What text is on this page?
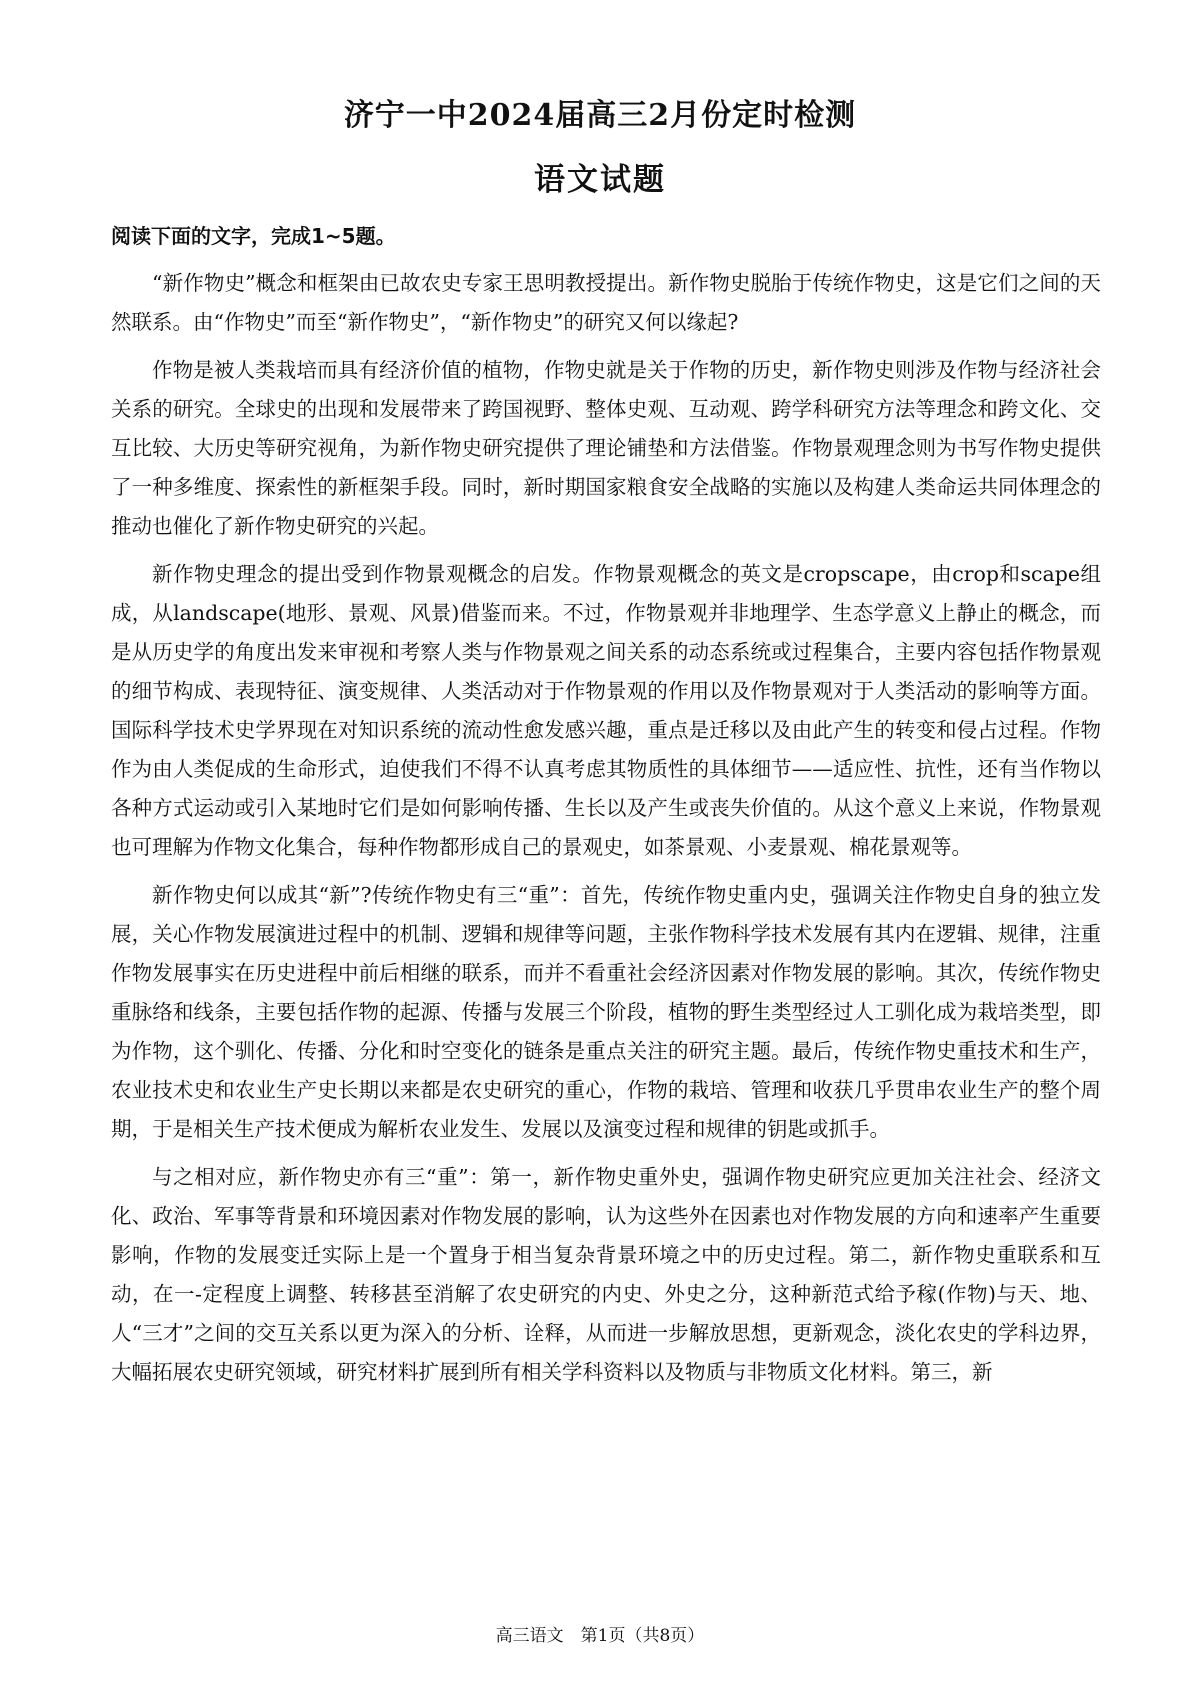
济宁一中2024届高三2月份定时检测
语文试题
阅读下面的文字，完成1~5题。

“新作物史”概念和框架由已故农史专家王思明教授提出。新作物史脱胎于传统作物史，这是它们之间的天然联系。由“作物史”而至“新作物史”，“新作物史”的研究又何以缘起?

作物是被人类栽培而具有经济价值的植物，作物史就是关于作物的历史，新作物史则涉及作物与经济社会关系的研究。全球史的出现和发展带来了跨国视野、整体史观、互动观、跨学科研究方法等理念和跨文化、交互比较、大历史等研究视角，为新作物史研究提供了理论铺垫和方法借鉴。作物景观理念则为书写作物史提供了一种多维度、探索性的新框架手段。同时，新时期国家粮食安全战略的实施以及构建人类命运共同体理念的推动也催化了新作物史研究的兴起。

新作物史理念的提出受到作物景观概念的启发。作物景观概念的英文是cropscape，由crop和scape组成，从landscape(地形、景观、风景)借鉴而来。不过，作物景观并非地理学、生态学意义上静止的概念，而是从历史学的角度出发来审视和考察人类与作物景观之间关系的动态系统或过程集合，主要内容包括作物景观的细节构成、表现特征、演变规律、人类活动对于作物景观的作用以及作物景观对于人类活动的影响等方面。国际科学技术史学界现在对知识系统的流动性愈发感兴趣，重点是迁移以及由此产生的转变和侵占过程。作物作为由人类促成的生命形式，迫使我们不得不认真考虑其物质性的具体细节——适应性、抗性，还有当作物以各种方式运动或引入某地时它们是如何影响传播、生长以及产生或丧失价值的。从这个意义上来说，作物景观也可理解为作物文化集合，每种作物都形成自己的景观史，如茶景观、小麦景观、棉花景观等。

新作物史何以成其“新”?传统作物史有三“重”：首先，传统作物史重内史，强调关注作物史自身的独立发展，关心作物发展演进过程中的机制、逻辑和规律等问题，主张作物科学技术发展有其内在逻辑、规律，注重作物发展事实在历史进程中前后相继的联系，而并不看重社会经济因素对作物发展的影响。其次，传统作物史重脉络和线条，主要包括作物的起源、传播与发展三个阶段，植物的野生类型经过人工驯化成为栽培类型，即为作物，这个驯化、传播、分化和时空变化的链条是重点关注的研究主题。最后，传统作物史重技术和生产，农业技术史和农业生产史长期以来都是农史研究的重心，作物的栽培、管理和收获几乎贯串农业生产的整个周期，于是相关生产技术便成为解析农业发生、发展以及演变过程和规律的钥匙或抓手。

与之相对应，新作物史亦有三“重”：第一，新作物史重外史，强调作物史研究应更加关注社会、经济文化、政治、军事等背景和环境因素对作物发展的影响，认为这些外在因素也对作物发展的方向和速率产生重要影响，作物的发展变迁实际上是一个置身于相当复杂背景环境之中的历史过程。第二，新作物史重联系和互动，在一-定程度上调整、转移甚至消解了农史研究的内史、外史之分，这种新范式给予稼(作物)与天、地、人“三才”之间的交互关系以更为深入的分析、诠释，从而进一步解放思想，更新观念，淡化农史的学科边界，大幅拓展农史研究领域，研究材料扩展到所有相关学科资料以及物质与非物质文化材料。第三，新

高三语文　第1页（共8页）
